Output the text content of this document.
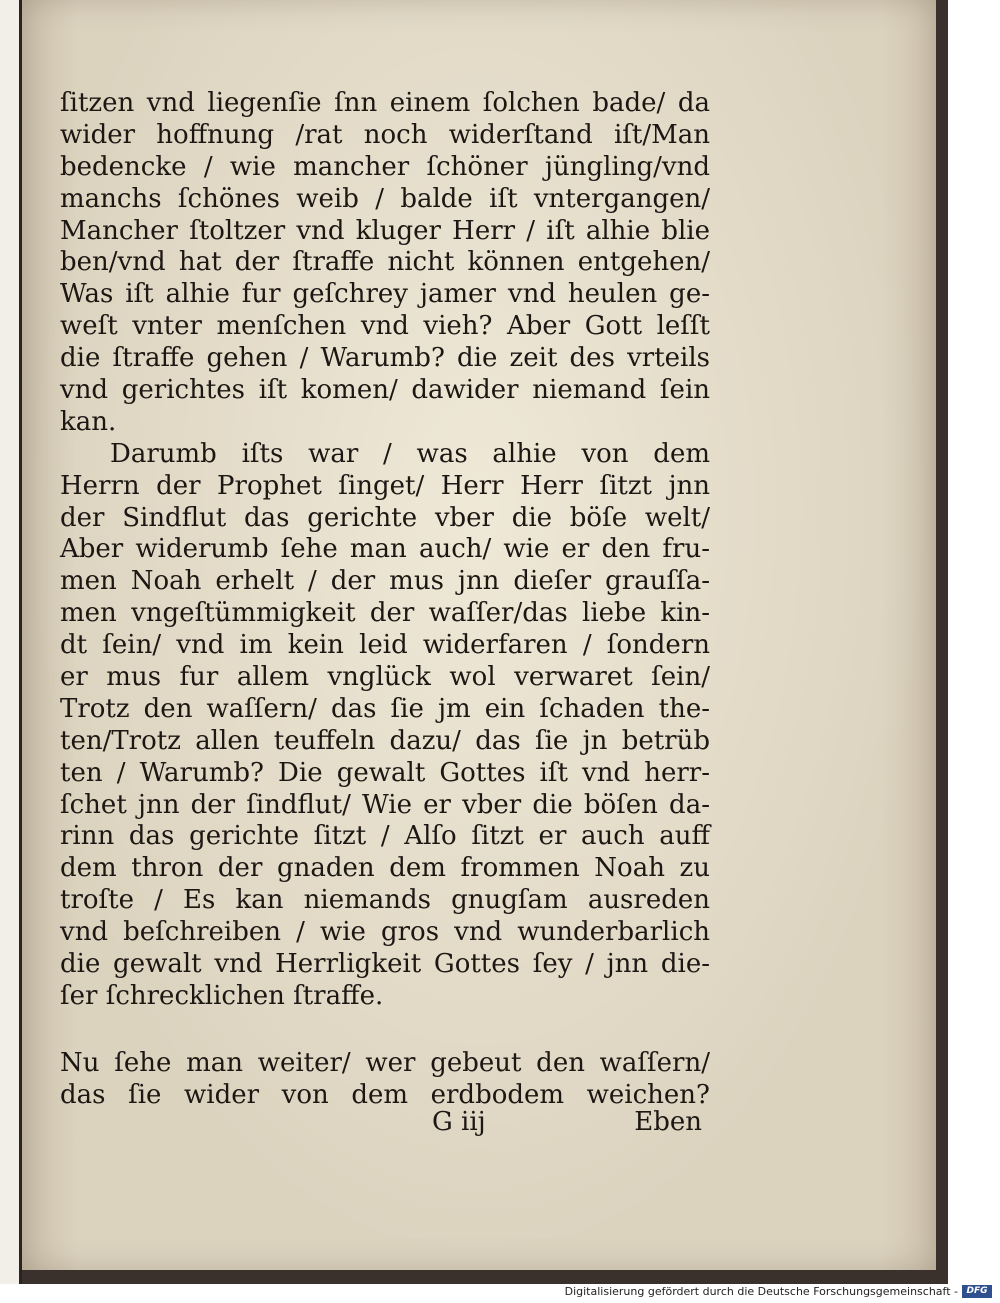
ſitzen vnd liegenſie ſnn einem ſolchen bade/ da
wider hoffnung /rat noch widerſtand iſt/Man
bedencke / wie mancher ſchöner jüngling/vnd
manchs ſchönes weib / balde iſt vntergangen/
Mancher ſtoltzer vnd kluger Herr / iſt alhie blie
ben/vnd hat der ſtraffe nicht können entgehen/
Was iſt alhie fur geſchrey jamer vnd heulen ge-
weſt vnter menſchen vnd vieh? Aber Gott leſſt
die ſtraffe gehen / Warumb? die zeit des vrteils
vnd gerichtes iſt komen/ dawider niemand ſein
kan.
Darumb iſts war / was alhie von dem
Herrn der Prophet ſinget/ Herr Herr ſitzt jnn
der Sindflut das gerichte vber die böſe welt/
Aber widerumb ſehe man auch/ wie er den fru-
men Noah erhelt / der mus jnn dieſer grauſſa-
men vngeſtümmigkeit der waſſer/das liebe kin-
dt ſein/ vnd im kein leid widerfaren / ſondern
er mus fur allem vnglück wol verwaret ſein/
Trotz den waſſern/ das ſie jm ein ſchaden the-
ten/Trotz allen teuffeln dazu/ das ſie jn betrüb
ten / Warumb? Die gewalt Gottes iſt vnd herr-
ſchet jnn der ſindflut/ Wie er vber die böſen da-
rinn das gerichte ſitzt / Alſo ſitzt er auch auff
dem thron der gnaden dem frommen Noah zu
troſte / Es kan niemands gnugſam ausreden
vnd beſchreiben / wie gros vnd wunderbarlich
die gewalt vnd Herrligkeit Gottes ſey / jnn die-
ſer ſchrecklichen ſtraffe.
Nu ſehe man weiter/ wer gebeut den waſſern/
das ſie wider von dem erdbodem weichen?
G iij	Eben
Digitalisierung gefördert durch die Deutsche Forschungsgemeinschaft - DFG
